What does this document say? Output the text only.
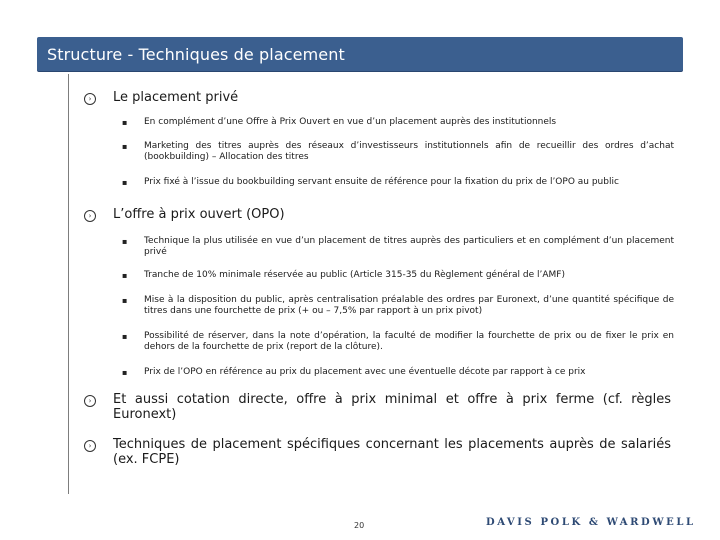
Structure - Techniques de placement
›	Le placement privé
▪ En complément d’une Offre à Prix Ouvert en vue d’un placement auprès des institutionnels
▪ Marketing des titres auprès des réseaux d’investisseurs institutionnels afin de recueillir des ordres d’achat (bookbuilding) – Allocation des titres
▪ Prix fixé à l’issue du bookbuilding servant ensuite de référence pour la fixation du prix de l’OPO au public
›	L’offre à prix ouvert (OPO)
▪ Technique la plus utilisée en vue d’un placement de titres auprès des particuliers et en complément d’un placement privé
▪ Tranche de 10% minimale réservée au public (Article 315-35 du Règlement général de l’AMF)
▪ Mise à la disposition du public, après centralisation préalable des ordres par Euronext, d’une quantité spécifique de titres dans une fourchette de prix (+ ou – 7,5% par rapport à un prix pivot)
▪ Possibilité de réserver, dans la note d’opération, la faculté de modifier la fourchette de prix ou de fixer le prix en dehors de la fourchette de prix (report de la clôture).
▪ Prix de l’OPO en référence au prix du placement avec une éventuelle décote par rapport à ce prix
›	Et aussi cotation directe, offre à prix minimal et offre à prix ferme (cf. règles Euronext)
›	Techniques de placement spécifiques concernant les placements auprès de salariés (ex. FCPE)
20	DAVIS POLK & WARDWELL
